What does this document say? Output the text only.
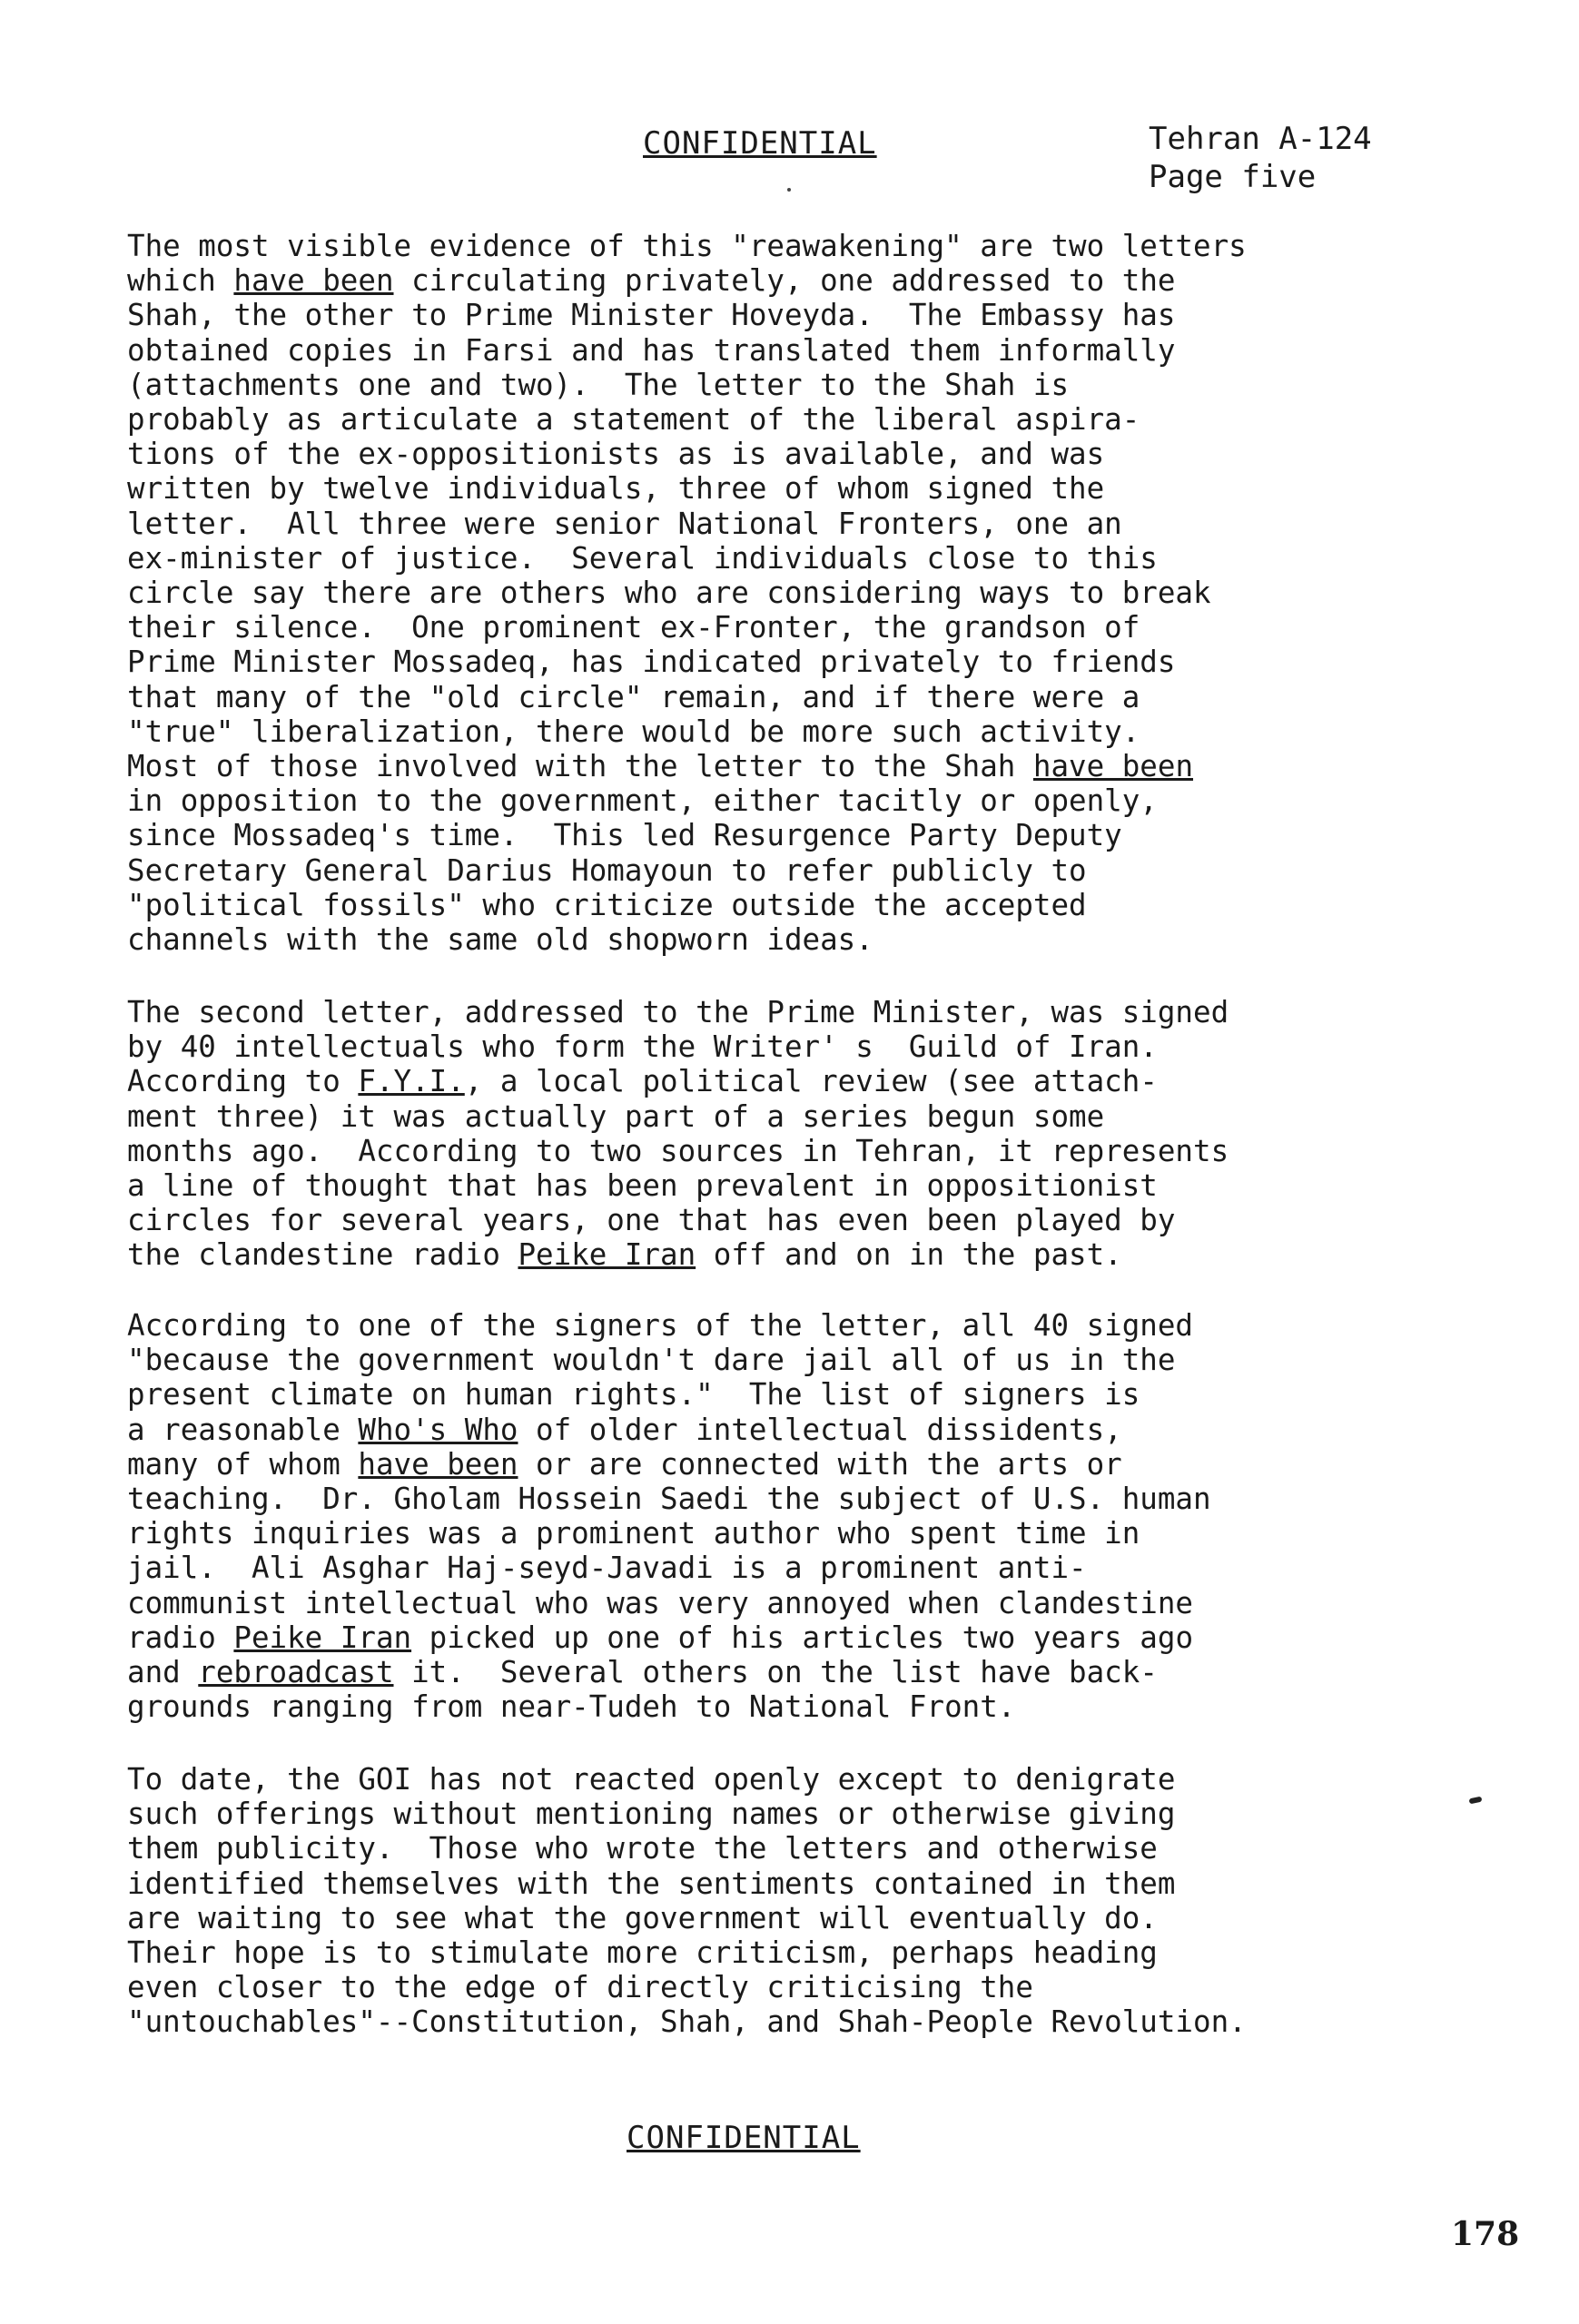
CONFIDENTIAL	Tehran A-124
Page five
The most visible evidence of this "reawakening" are two letters
which have been circulating privately, one addressed to the
Shah, the other to Prime Minister Hoveyda.  The Embassy has
obtained copies in Farsi and has translated them informally
(attachments one and two).  The letter to the Shah is
probably as articulate a statement of the liberal aspira-
tions of the ex-oppositionists as is available, and was
written by twelve individuals, three of whom signed the
letter.  All three were senior National Fronters, one an
ex-minister of justice.  Several individuals close to this
circle say there are others who are considering ways to break
their silence.  One prominent ex-Fronter, the grandson of
Prime Minister Mossadeq, has indicated privately to friends
that many of the "old circle" remain, and if there were a
"true" liberalization, there would be more such activity.
Most of those involved with the letter to the Shah have been
in opposition to the government, either tacitly or openly,
since Mossadeq's time.  This led Resurgence Party Deputy
Secretary General Darius Homayoun to refer publicly to
"political fossils" who criticize outside the accepted
channels with the same old shopworn ideas.
The second letter, addressed to the Prime Minister, was signed
by 40 intellectuals who form the Writer' s  Guild of Iran.
According to F.Y.I., a local political review (see attach-
ment three) it was actually part of a series begun some
months ago.  According to two sources in Tehran, it represents
a line of thought that has been prevalent in oppositionist
circles for several years, one that has even been played by
the clandestine radio Peike Iran off and on in the past.
According to one of the signers of the letter, all 40 signed
"because the government wouldn't dare jail all of us in the
present climate on human rights."  The list of signers is
a reasonable Who's Who of older intellectual dissidents,
many of whom have been or are connected with the arts or
teaching.  Dr. Gholam Hossein Saedi the subject of U.S. human
rights inquiries was a prominent author who spent time in
jail.  Ali Asghar Haj-seyd-Javadi is a prominent anti-
communist intellectual who was very annoyed when clandestine
radio Peike Iran picked up one of his articles two years ago
and rebroadcast it.  Several others on the list have back-
grounds ranging from near-Tudeh to National Front.
To date, the GOI has not reacted openly except to denigrate
such offerings without mentioning names or otherwise giving
them publicity.  Those who wrote the letters and otherwise
identified themselves with the sentiments contained in them
are waiting to see what the government will eventually do.
Their hope is to stimulate more criticism, perhaps heading
even closer to the edge of directly criticising the
"untouchables"--Constitution, Shah, and Shah-People Revolution.
CONFIDENTIAL
178
